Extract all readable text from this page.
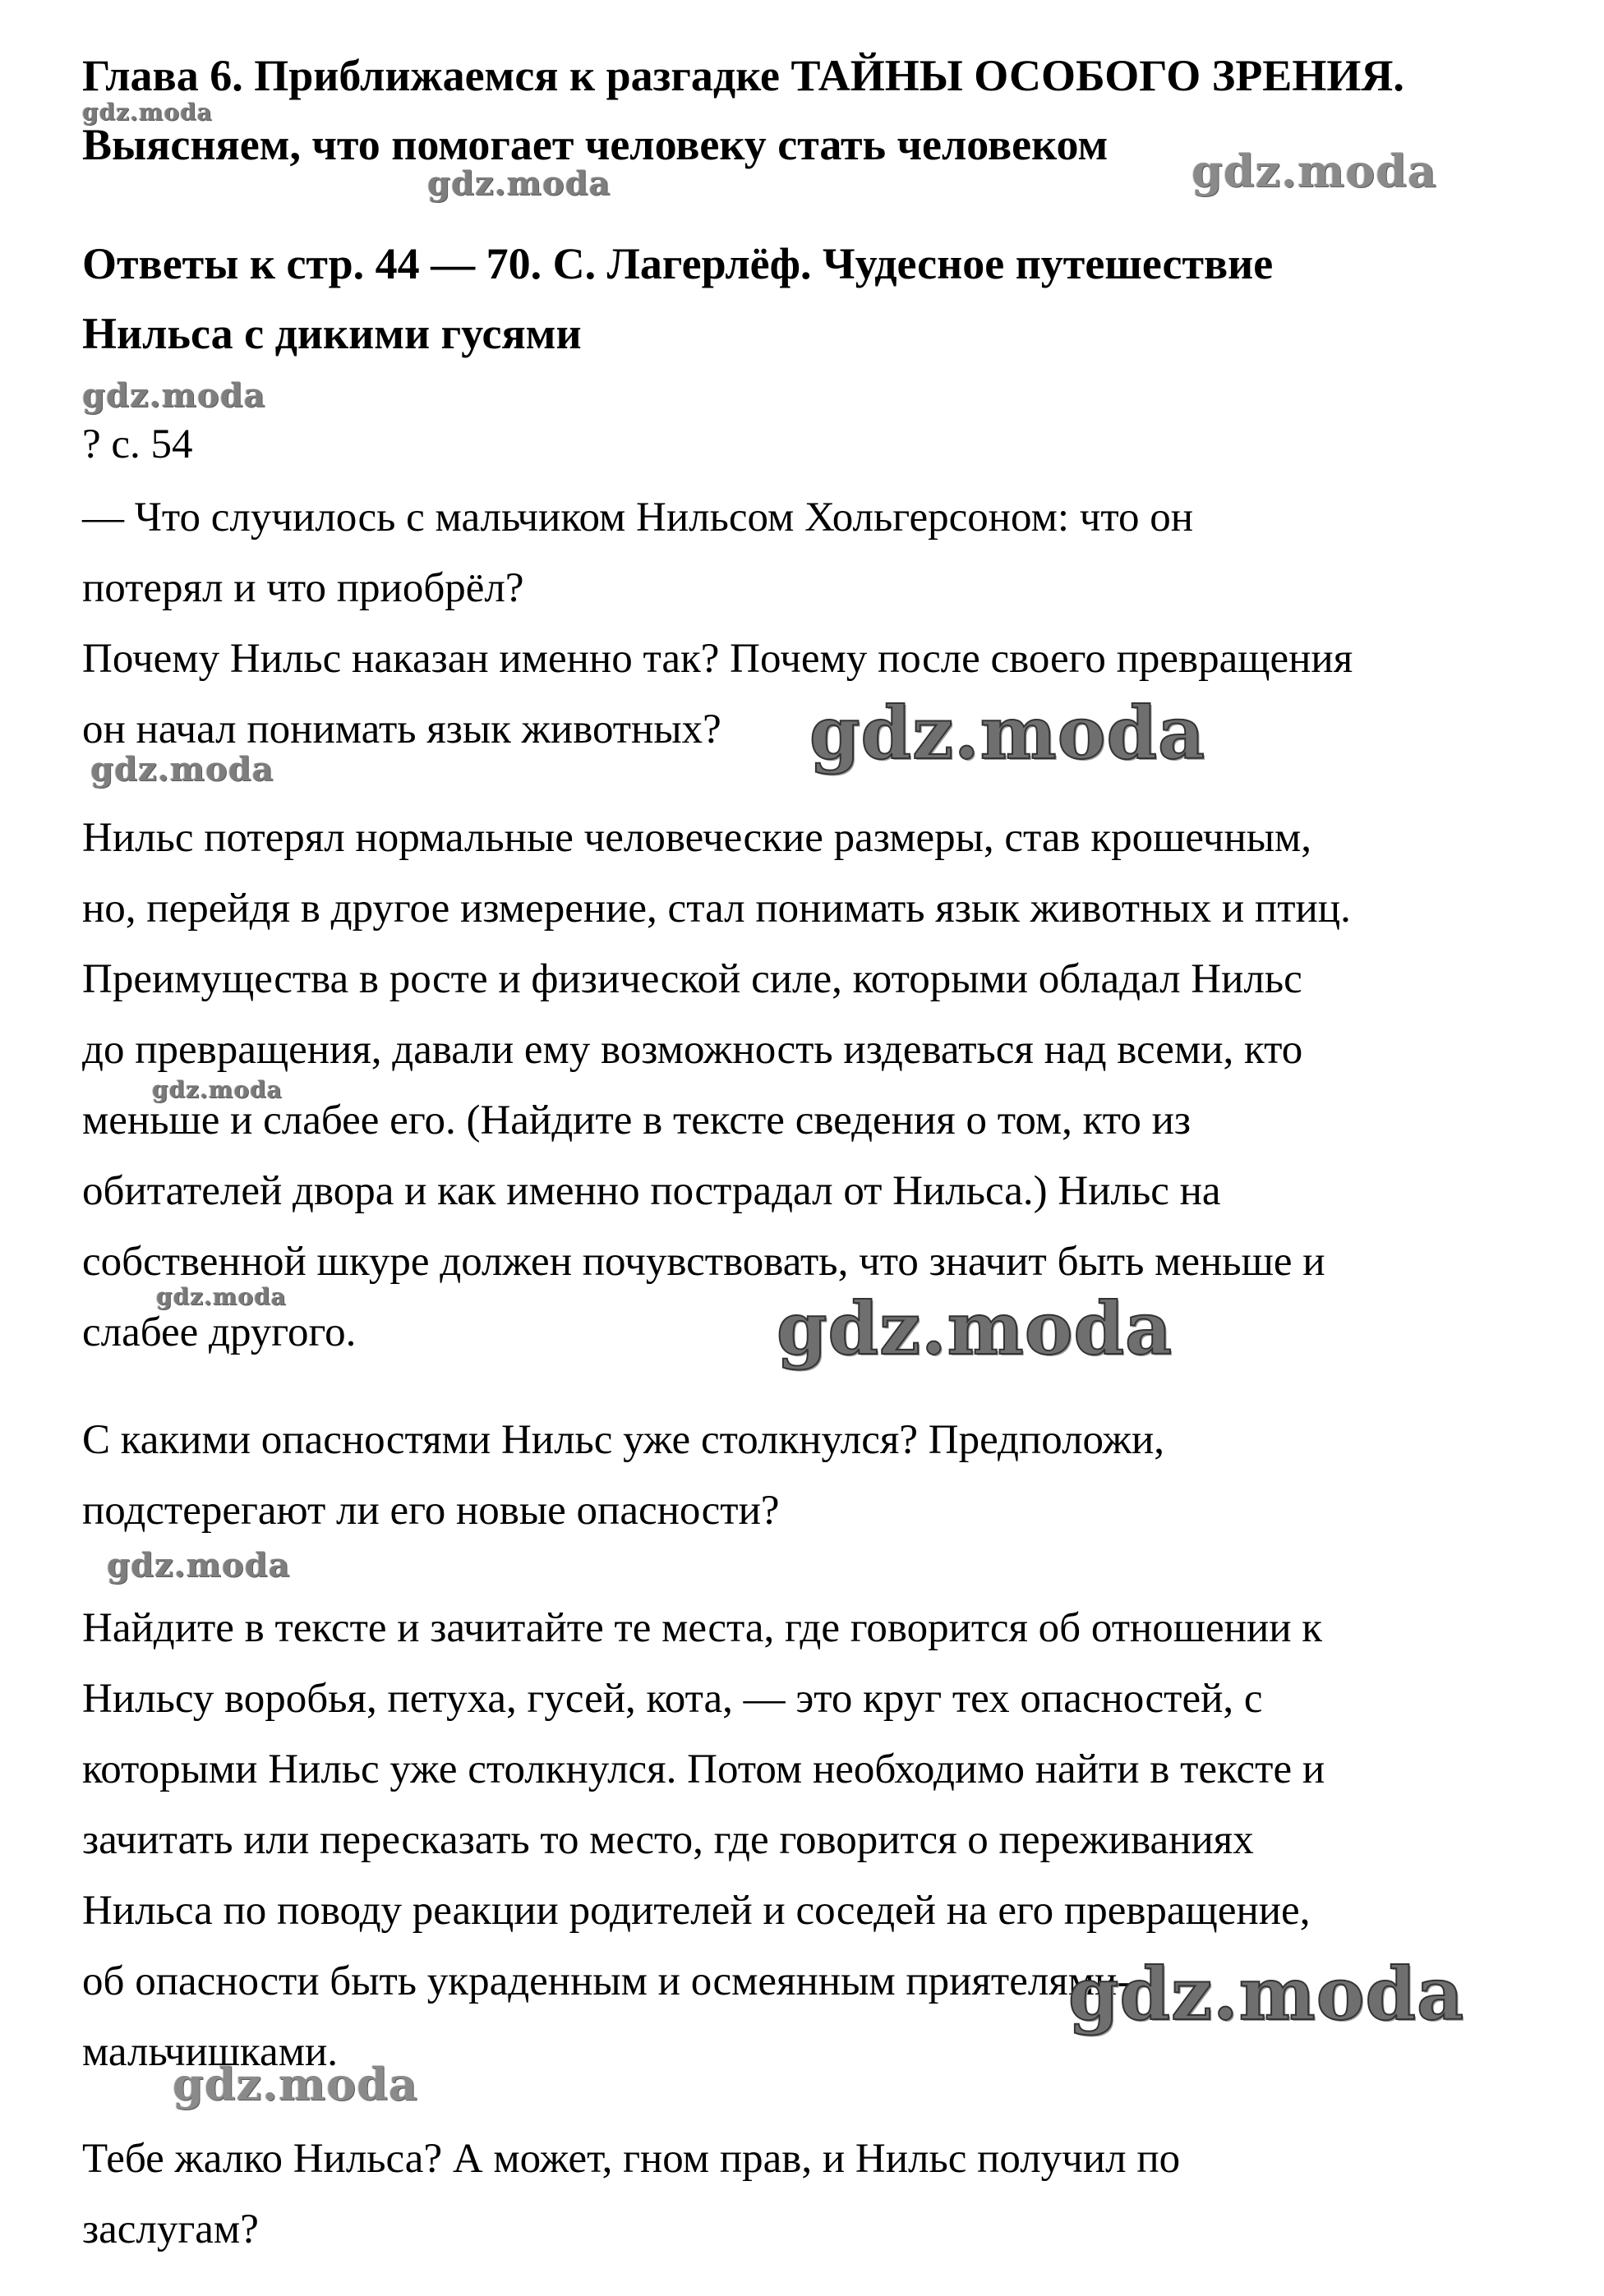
Глава 6. Приближаемся к разгадке ТАЙНЫ ОСОБОГО ЗРЕНИЯ.
Выясняем, что помогает человеку стать человеком
Ответы к стр. 44 — 70. С. Лагерлёф. Чудесное путешествие
Нильса с дикими гусями
? с. 54
— Что случилось с мальчиком Нильсом Хольгерсоном: что он
потерял и что приобрёл?
Почему Нильс наказан именно так? Почему после своего превращения
он начал понимать язык животных?
Нильс потерял нормальные человеческие размеры, став крошечным,
но, перейдя в другое измерение, стал понимать язык животных и птиц.
Преимущества в росте и физической силе, которыми обладал Нильс
до превращения, давали ему возможность издеваться над всеми, кто
меньше и слабее его. (Найдите в тексте сведения о том, кто из
обитателей двора и как именно пострадал от Нильса.) Нильс на
собственной шкуре должен почувствовать, что значит быть меньше и
слабее другого.
С какими опасностями Нильс уже столкнулся? Предположи,
подстерегают ли его новые опасности?
Найдите в тексте и зачитайте те места, где говорится об отношении к
Нильсу воробья, петуха, гусей, кота, — это круг тех опасностей, с
которыми Нильс уже столкнулся. Потом необходимо найти в тексте и
зачитать или пересказать то место, где говорится о переживаниях
Нильса по поводу реакции родителей и соседей на его превращение,
об опасности быть украденным и осмеянным приятелями-
мальчишками.
Тебе жалко Нильса? А может, гном прав, и Нильс получил по
заслугам?
gdz.moda
gdz.moda	gdz.moda
gdz.moda
gdz.moda
gdz.moda
gdz.moda
gdz.moda	gdz.moda
gdz.moda
gdz.moda
gdz.moda
